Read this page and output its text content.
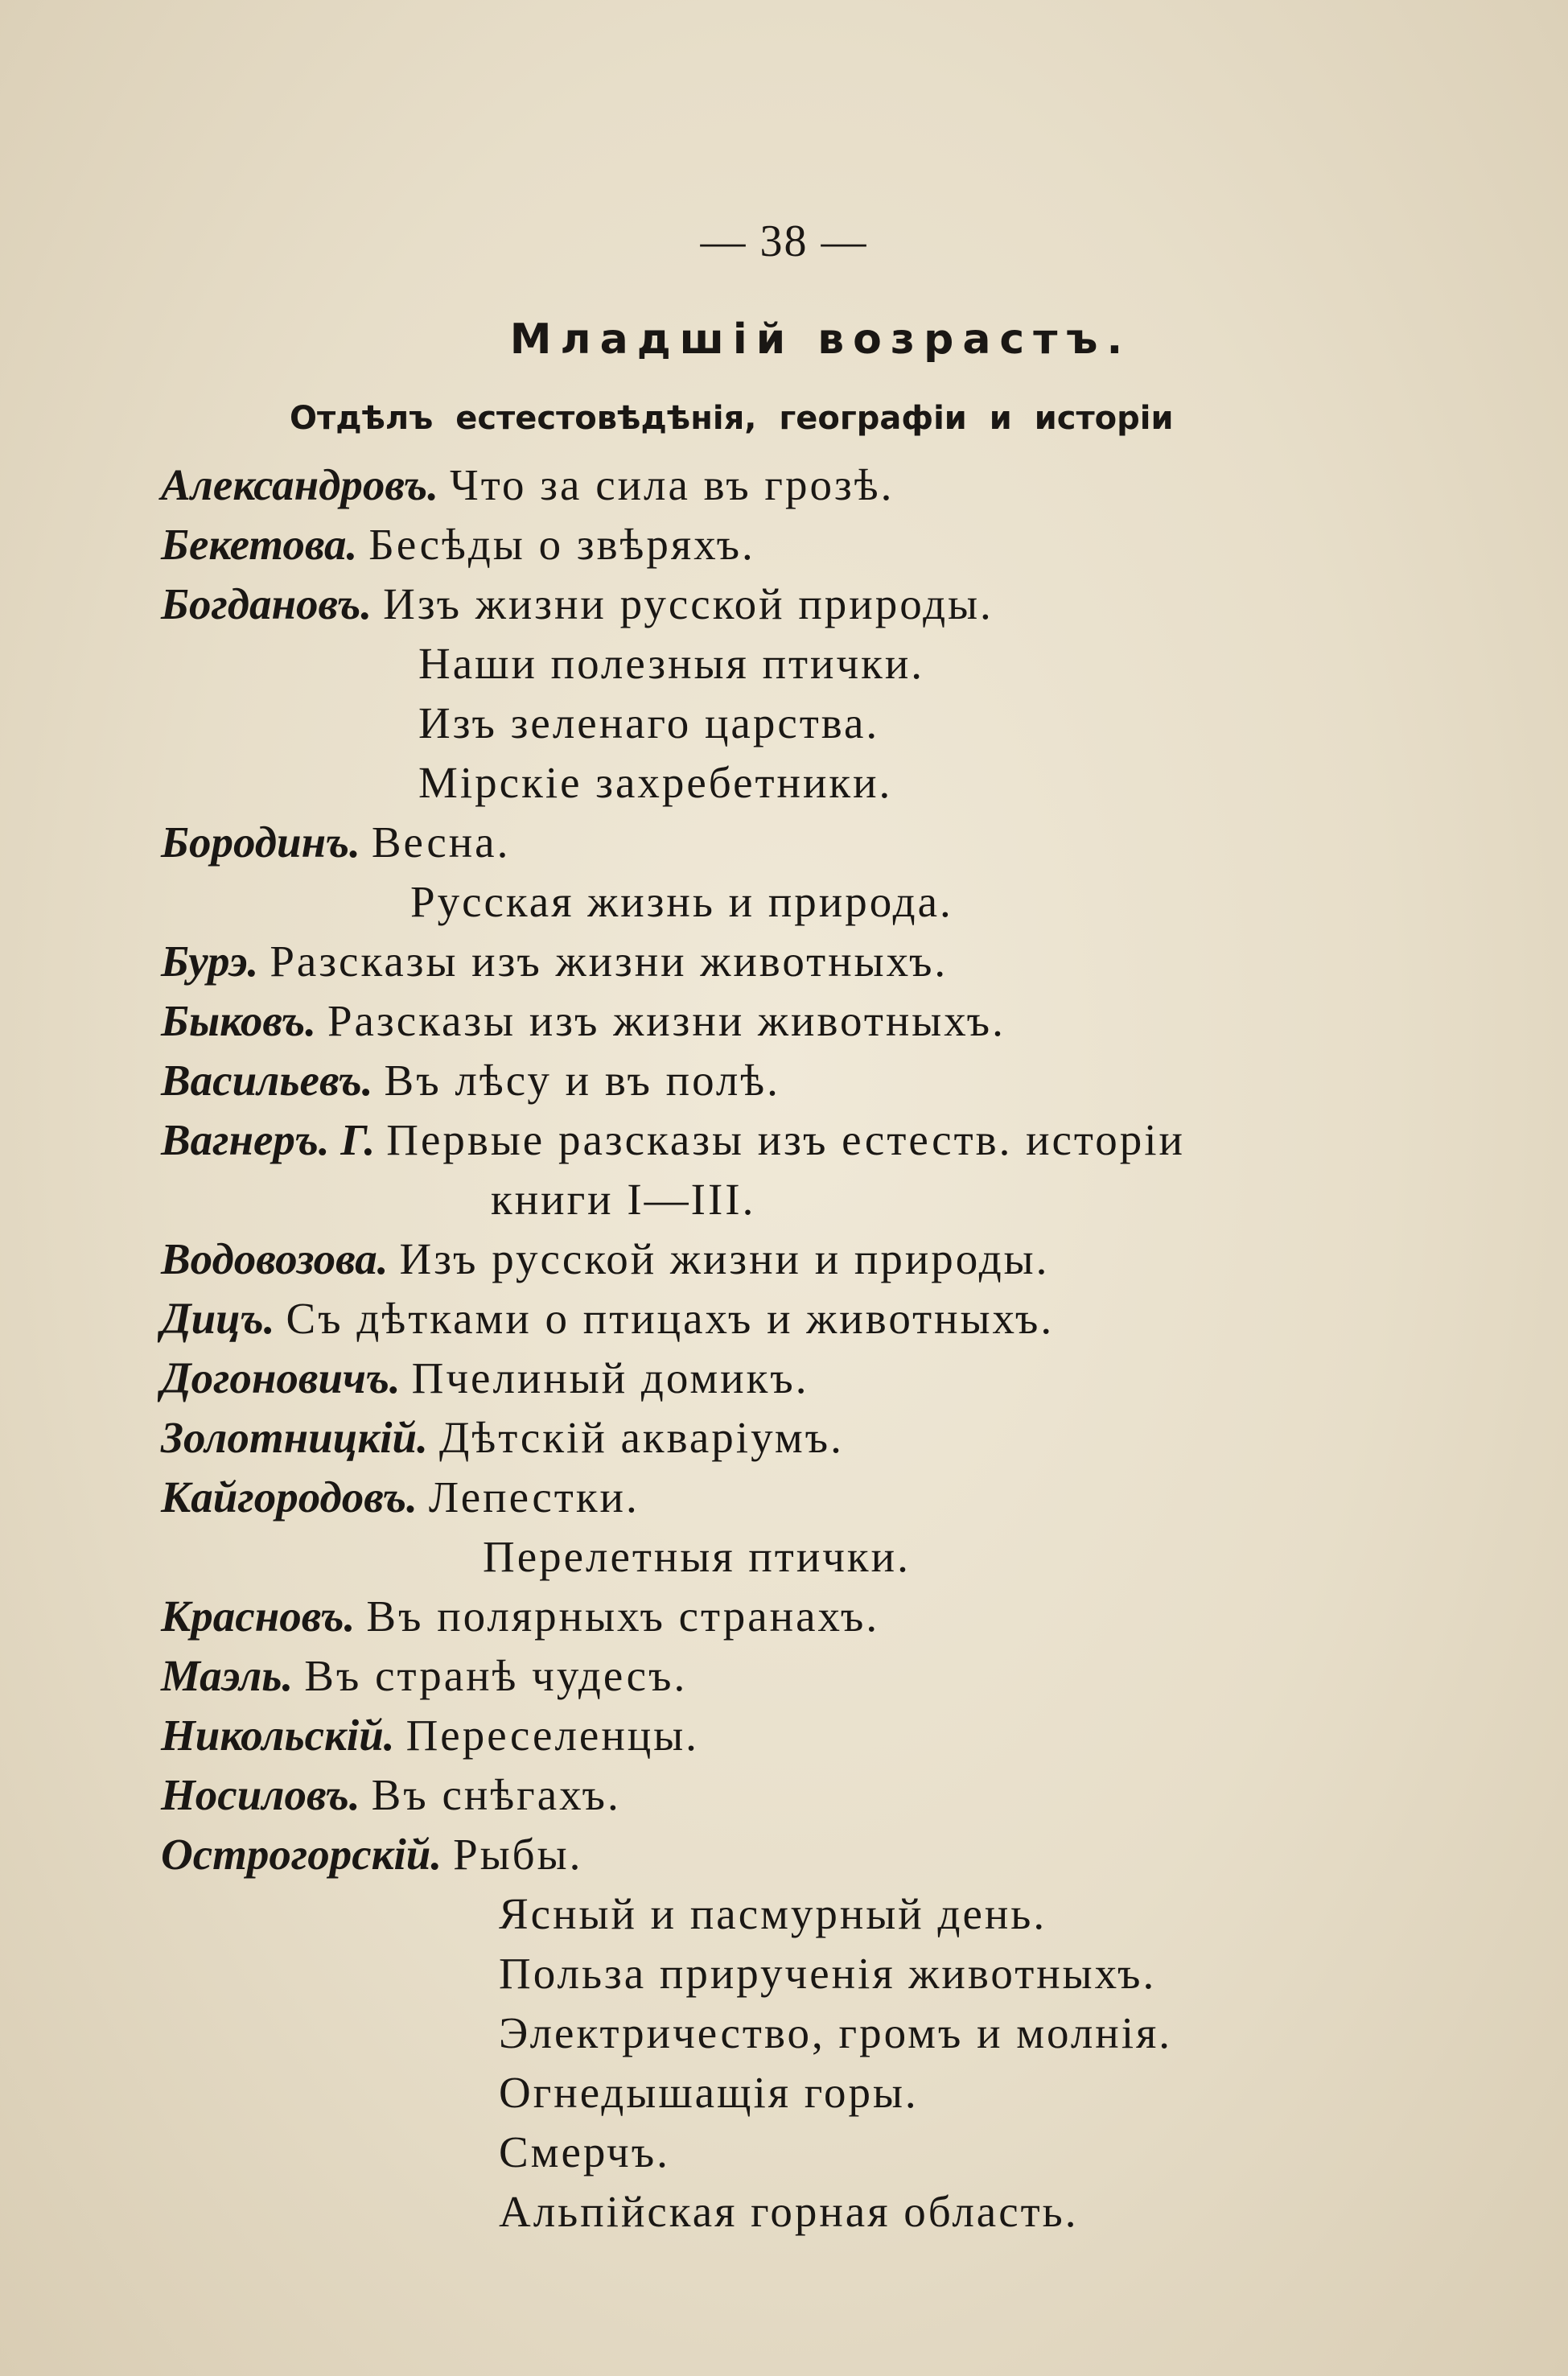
— 38 —
Младшій возрастъ.
Отдѣлъ естестовѣдѣнія, географіи и исторіи
Александровъ. Что за сила въ грозѣ.
Бекетова. Бесѣды о звѣряхъ.
Богдановъ. Изъ жизни русской природы.
Наши полезныя птички.
Изъ зеленаго царства.
Мірскіе захребетники.
Бородинъ. Весна.
Русская жизнь и природа.
Бурэ. Разсказы изъ жизни животныхъ.
Быковъ. Разсказы изъ жизни животныхъ.
Васильевъ. Въ лѣсу и въ полѣ.
Вагнеръ. Г. Первые разсказы изъ естеств. исторіи
книги I—III.
Водовозова. Изъ русской жизни и природы.
Дицъ. Съ дѣтками о птицахъ и животныхъ.
Догоновичъ. Пчелиный домикъ.
Золотницкій. Дѣтскій акваріумъ.
Кайгородовъ. Лепестки.
Перелетныя птички.
Красновъ. Въ полярныхъ странахъ.
Маэль. Въ странѣ чудесъ.
Никольскій. Переселенцы.
Носиловъ. Въ снѣгахъ.
Острогорскій. Рыбы.
Ясный и пасмурный день.
Польза прирученія животныхъ.
Электричество, громъ и молнія.
Огнедышащія горы.
Смерчъ.
Альпійская горная область.
